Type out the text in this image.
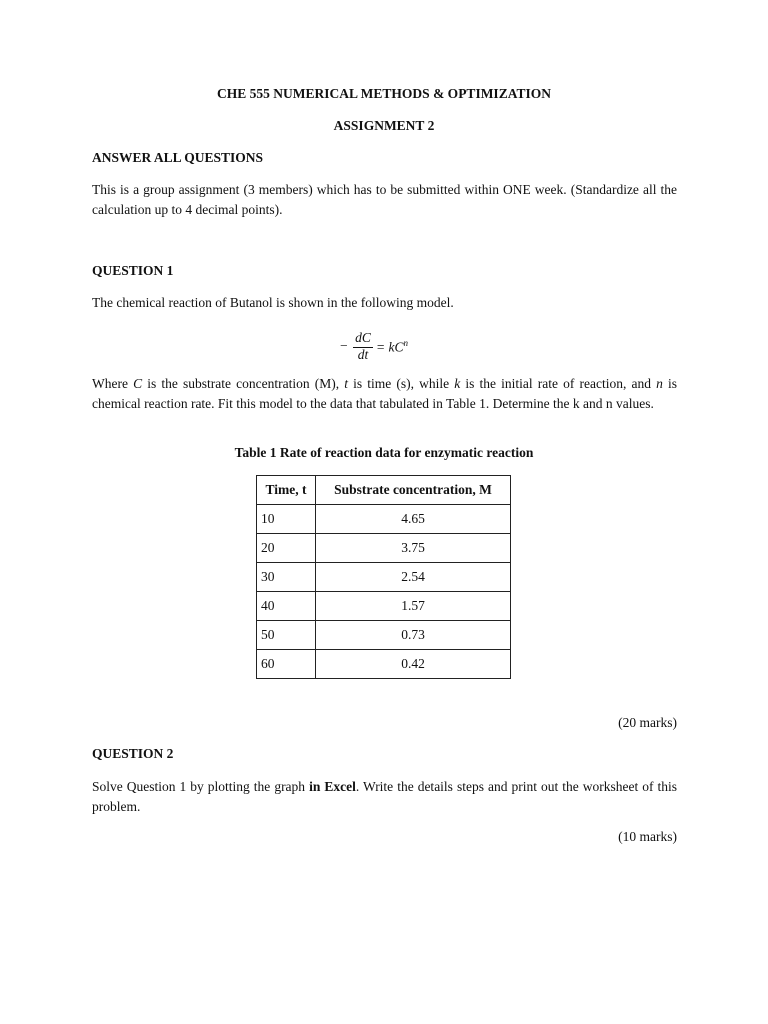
CHE 555 NUMERICAL METHODS & OPTIMIZATION
ASSIGNMENT 2
ANSWER ALL QUESTIONS
This is a group assignment (3 members) which has to be submitted within ONE week. (Standardize all the calculation up to 4 decimal points).
QUESTION 1
The chemical reaction of Butanol is shown in the following model.
−
dC
dt = $kC^n$
Where C is the substrate concentration (M), t is time (s), while k is the initial rate of reaction, and n is chemical reaction rate. Fit this model to the data that tabulated in Table 1. Determine the k and n values.
Table 1 Rate of reaction data for enzymatic reaction
Time, t	Substrate concentration, M
10	4.65
20	3.75
30	2.54
40	1.57
50	0.73
60	0.42
(20 marks)
QUESTION 2
Solve Question 1 by plotting the graph in Excel. Write the details steps and print out the worksheet of this problem.
(10 marks)
